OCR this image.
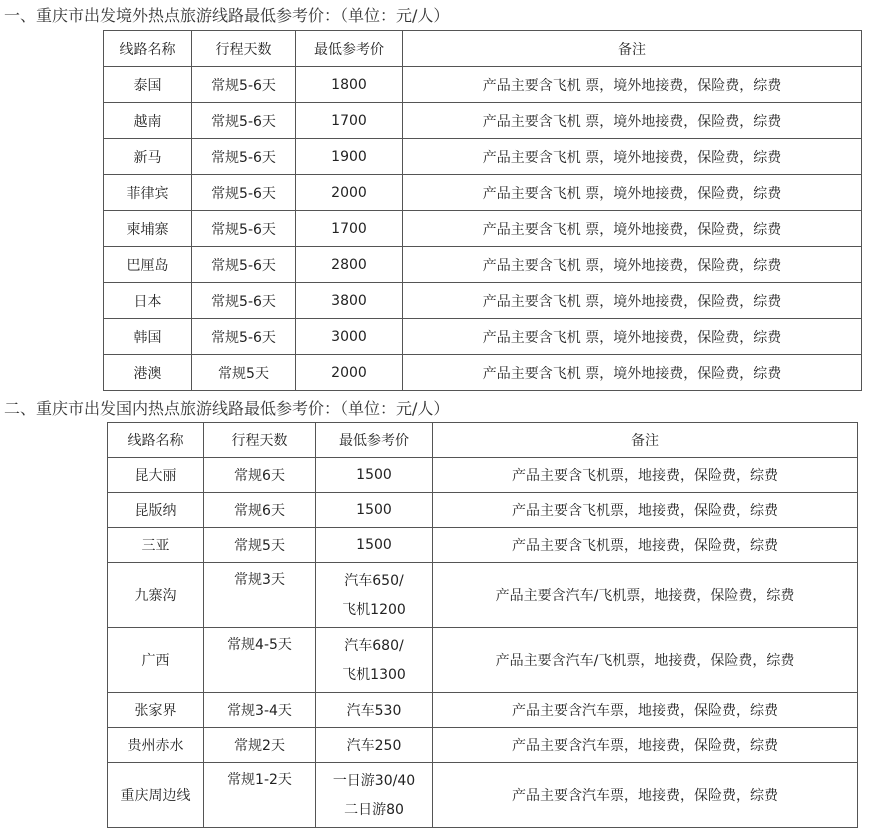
一、重庆市出发境外热点旅游线路最低参考价：（单位：元/人）
线路名称	行程天数	最低参考价	备注
泰国	常规5-6天	1800	产品主要含飞机 票，境外地接费，保险费，综费
越南	常规5-6天	1700	产品主要含飞机 票，境外地接费，保险费，综费
新马	常规5-6天	1900	产品主要含飞机 票，境外地接费，保险费，综费
菲律宾	常规5-6天	2000	产品主要含飞机 票，境外地接费，保险费，综费
柬埔寨	常规5-6天	1700	产品主要含飞机 票，境外地接费，保险费，综费
巴厘岛	常规5-6天	2800	产品主要含飞机 票，境外地接费，保险费，综费
日本	常规5-6天	3800	产品主要含飞机 票，境外地接费，保险费，综费
韩国	常规5-6天	3000	产品主要含飞机 票，境外地接费，保险费，综费
港澳	常规5天	2000	产品主要含飞机 票，境外地接费，保险费，综费
二、重庆市出发国内热点旅游线路最低参考价：（单位：元/人）
线路名称	行程天数	最低参考价	备注
昆大丽	常规6天	1500	产品主要含飞机票，地接费，保险费，综费
昆版纳	常规6天	1500	产品主要含飞机票，地接费，保险费，综费
三亚	常规5天	1500	产品主要含飞机票，地接费，保险费，综费
九寨沟	常规3天	汽车650/
飞机1200	产品主要含汽车/飞机票，地接费，保险费，综费
广西	常规4-5天	汽车680/
飞机1300	产品主要含汽车/飞机票，地接费，保险费，综费
张家界	常规3-4天	汽车530	产品主要含汽车票，地接费，保险费，综费
贵州赤水	常规2天	汽车250	产品主要含汽车票，地接费，保险费，综费
重庆周边线	常规1-2天	一日游30/40
二日游80	产品主要含汽车票，地接费，保险费，综费
